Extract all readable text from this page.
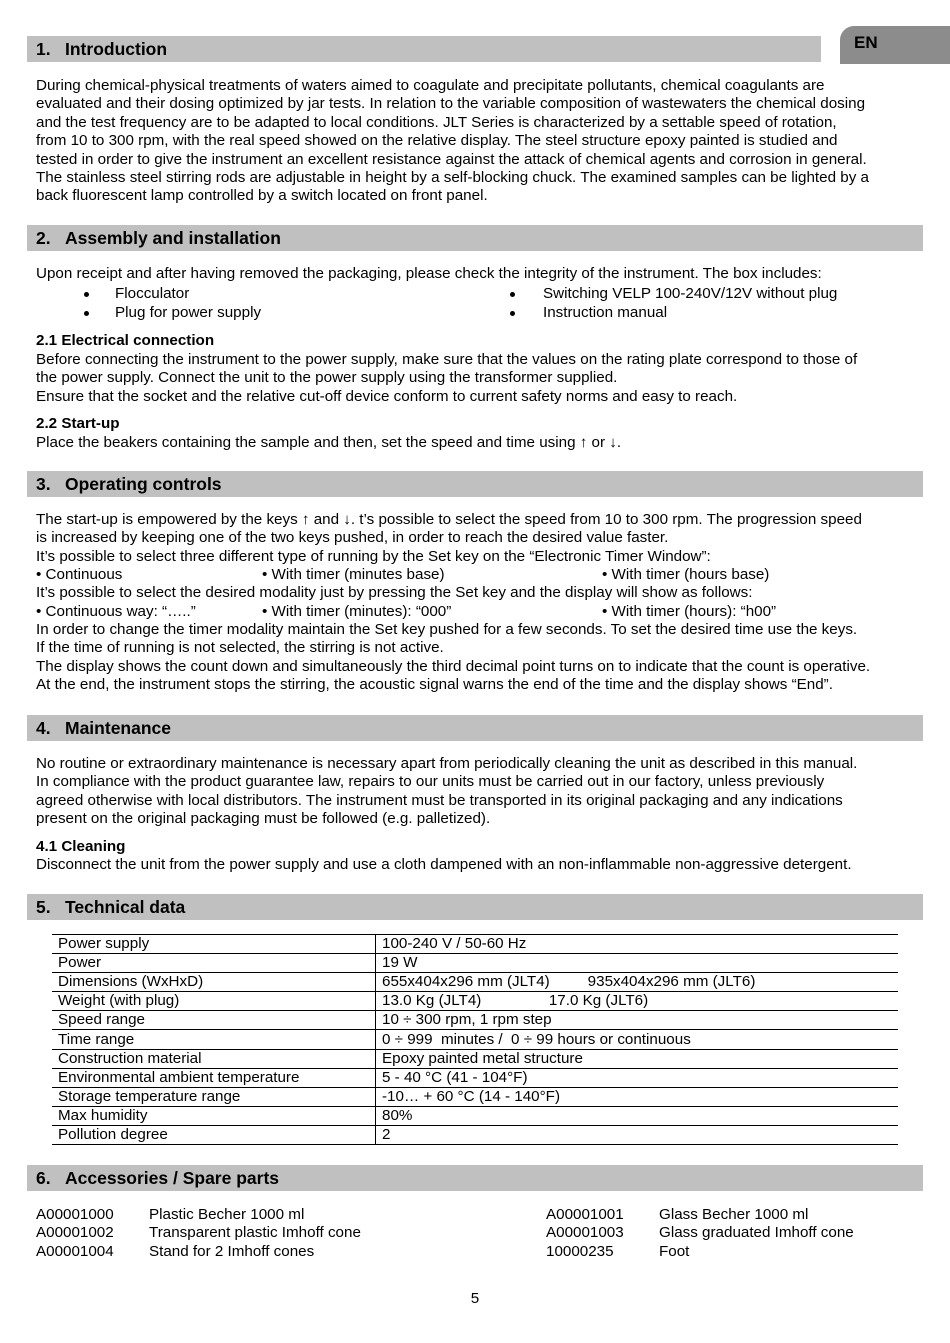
EN
1. Introduction
During chemical-physical treatments of waters aimed to coagulate and precipitate pollutants, chemical coagulants are
evaluated and their dosing optimized by jar tests. In relation to the variable composition of wastewaters the chemical dosing
and the test frequency are to be adapted to local conditions. JLT Series is characterized by a settable speed of rotation,
from 10 to 300 rpm, with the real speed showed on the relative display. The steel structure epoxy painted is studied and
tested in order to give the instrument an excellent resistance against the attack of chemical agents and corrosion in general.
The stainless steel stirring rods are adjustable in height by a self-blocking chuck. The examined samples can be lighted by a
back fluorescent lamp controlled by a switch located on front panel.
2. Assembly and installation
Upon receipt and after having removed the packaging, please check the integrity of the instrument. The box includes:
Flocculator
Plug for power supply
Switching VELP 100-240V/12V without plug
Instruction manual
2.1 Electrical connection
Before connecting the instrument to the power supply, make sure that the values on the rating plate correspond to those of
the power supply. Connect the unit to the power supply using the transformer supplied.
Ensure that the socket and the relative cut-off device conform to current safety norms and easy to reach.
2.2 Start-up
Place the beakers containing the sample and then, set the speed and time using ↑ or ↓.
3. Operating controls
The start-up is empowered by the keys ↑ and ↓. t’s possible to select the speed from 10 to 300 rpm. The progression speed
is increased by keeping one of the two keys pushed, in order to reach the desired value faster.
It’s possible to select three different type of running by the Set key on the “Electronic Timer Window”:
• Continuous	• With timer (minutes base)	• With timer (hours base)
It’s possible to select the desired modality just by pressing the Set key and the display will show as follows:
• Continuous way: “…..”	• With timer (minutes): “000”	• With timer (hours): “h00”
In order to change the timer modality maintain the Set key pushed for a few seconds. To set the desired time use the keys.
If the time of running is not selected, the stirring is not active.
The display shows the count down and simultaneously the third decimal point turns on to indicate that the count is operative.
At the end, the instrument stops the stirring, the acoustic signal warns the end of the time and the display shows “End”.
4. Maintenance
No routine or extraordinary maintenance is necessary apart from periodically cleaning the unit as described in this manual.
In compliance with the product guarantee law, repairs to our units must be carried out in our factory, unless previously
agreed otherwise with local distributors. The instrument must be transported in its original packaging and any indications
present on the original packaging must be followed (e.g. palletized).
4.1 Cleaning
Disconnect the unit from the power supply and use a cloth dampened with an non-inflammable non-aggressive detergent.
5. Technical data
Power supply	100-240 V / 50-60 Hz
Power	19 W
Dimensions (WxHxD)	655x404x296 mm (JLT4)         935x404x296 mm (JLT6)
Weight (with plug)	13.0 Kg (JLT4)                17.0 Kg (JLT6)
Speed range	10 ÷ 300 rpm, 1 rpm step
Time range	0 ÷ 999  minutes /  0 ÷ 99 hours or continuous
Construction material	Epoxy painted metal structure
Environmental ambient temperature	5 - 40 °C (41 - 104°F)
Storage temperature range	-10… + 60 °C (14 - 140°F)
Max humidity	80%
Pollution degree	2
6. Accessories / Spare parts
A00001000 Plastic Becher 1000 ml
A00001002 Transparent plastic Imhoff cone
A00001004 Stand for 2 Imhoff cones
A00001001 Glass Becher 1000 ml
A00001003 Glass graduated Imhoff cone
10000235	Foot
5
